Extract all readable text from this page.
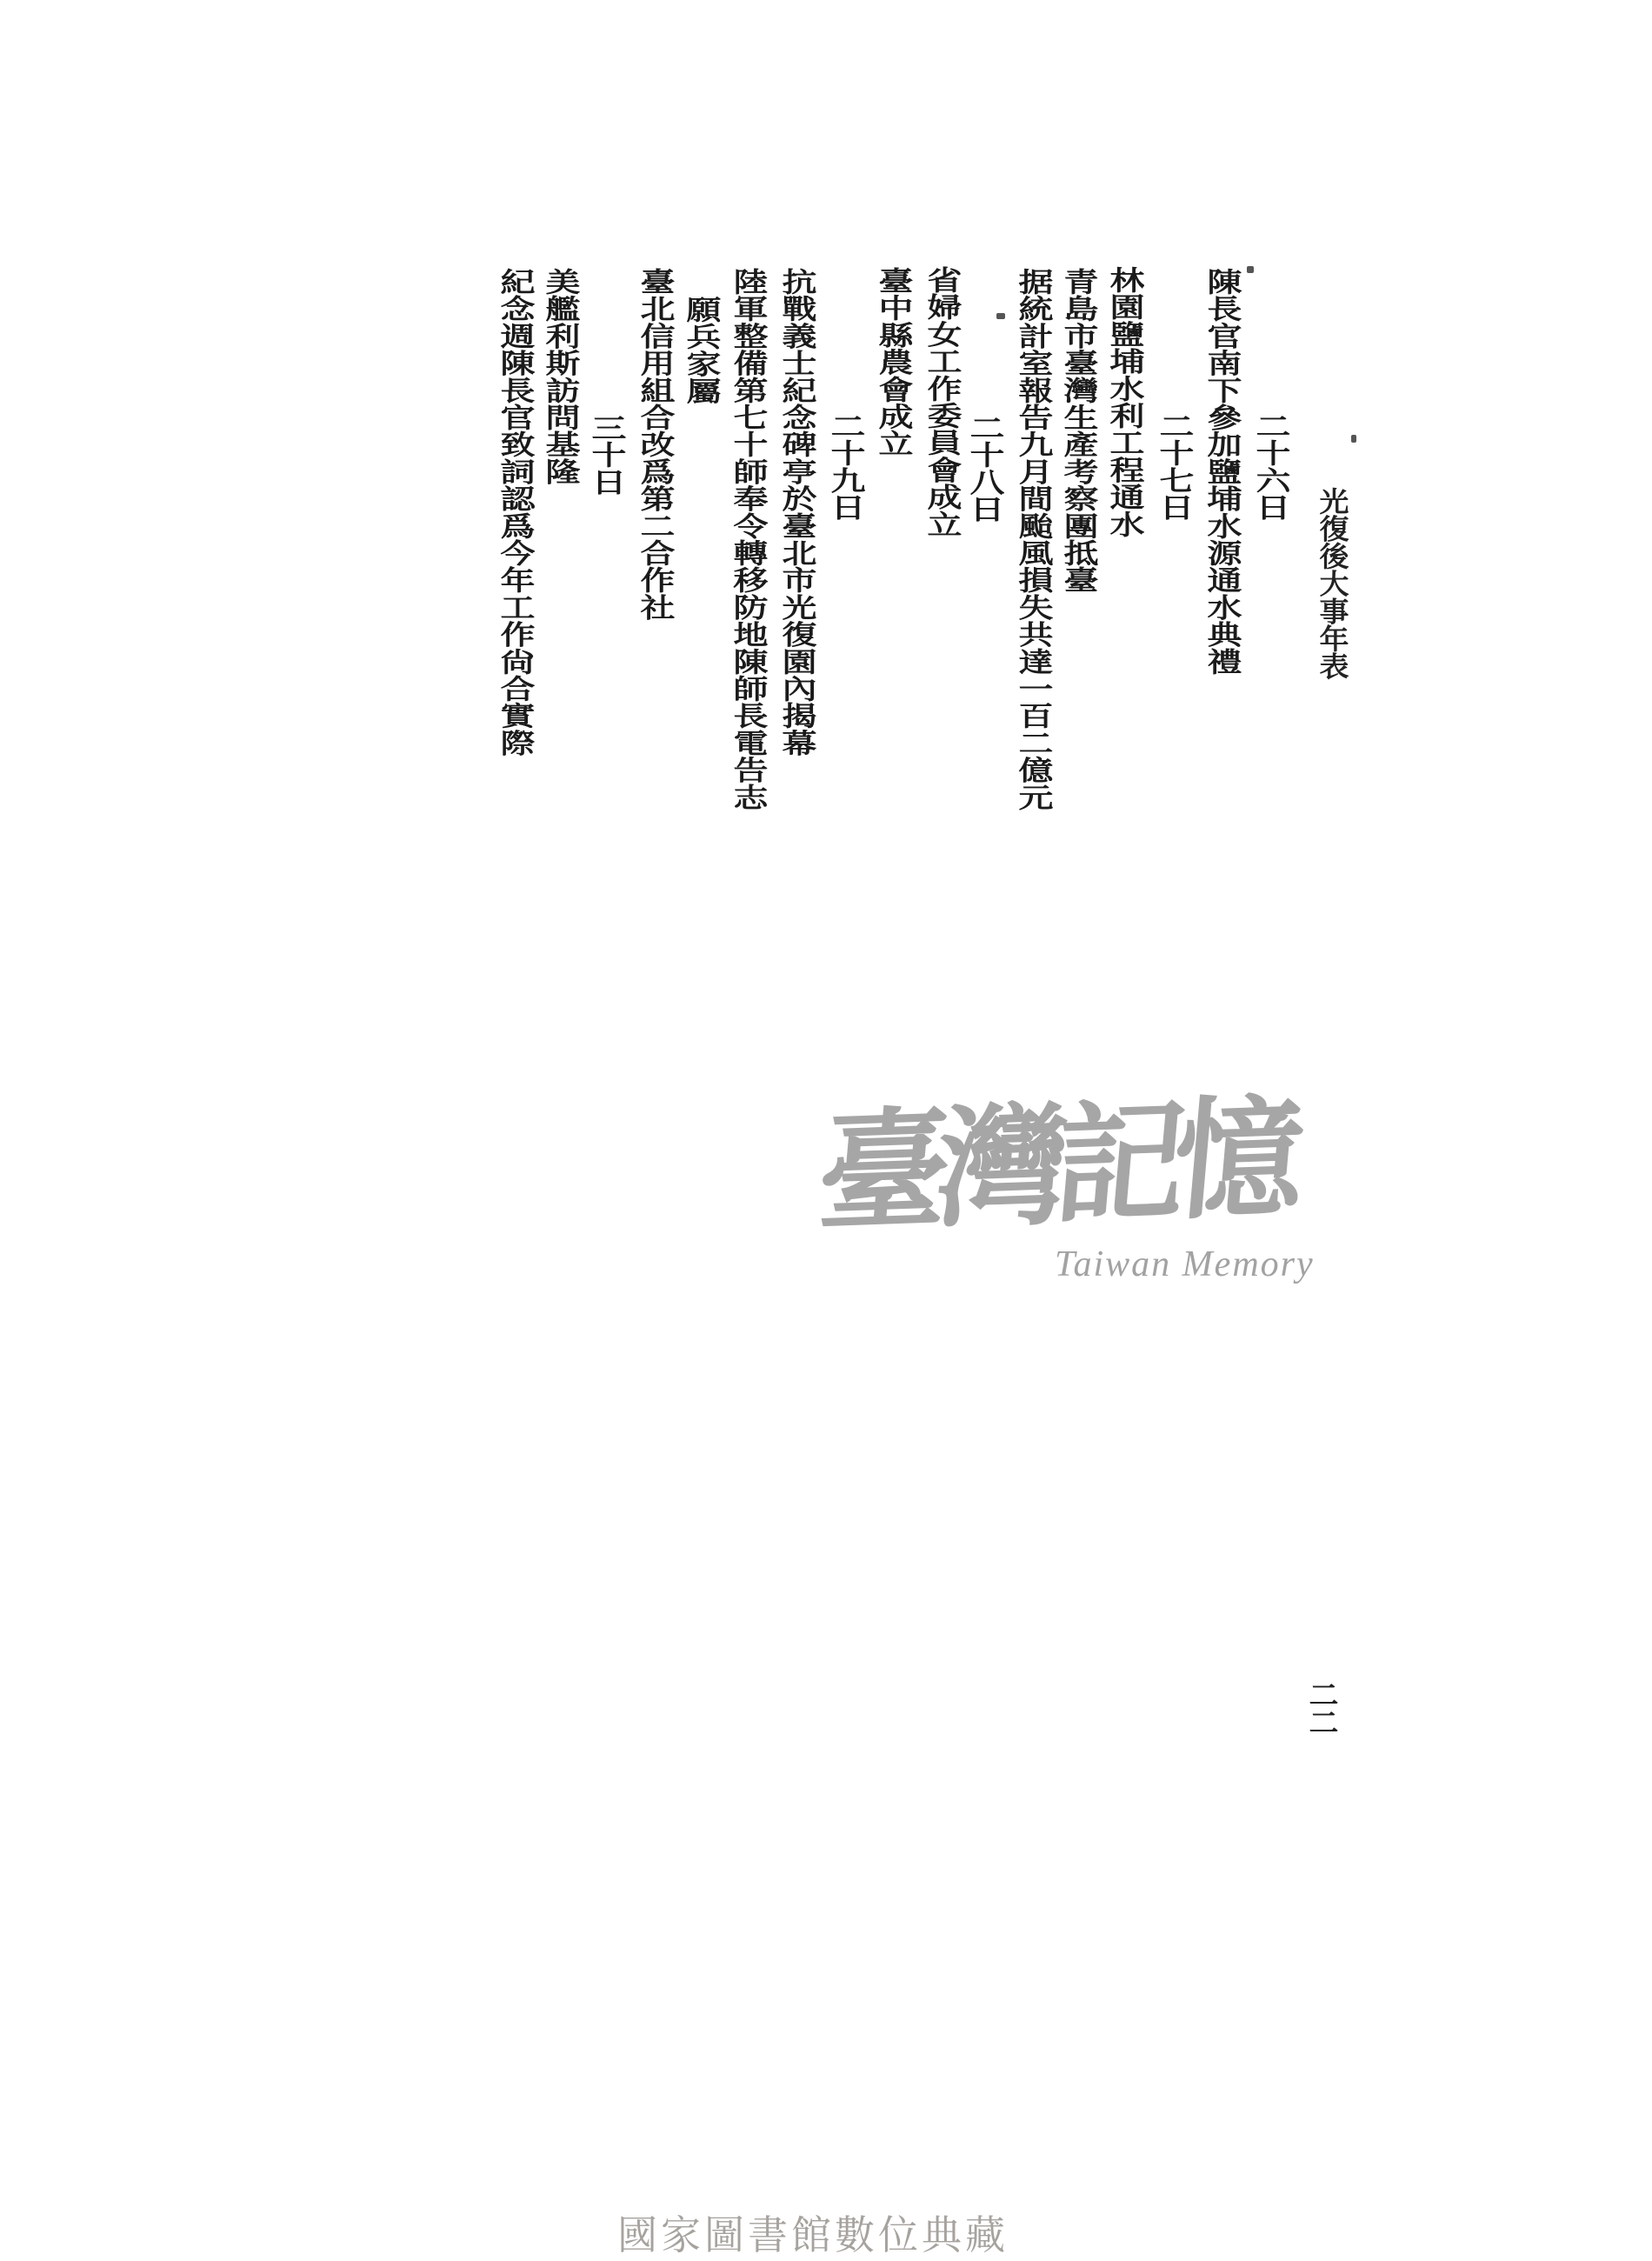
光復後大事年表
二十六日
陳長官南下參加鹽埔水源通水典禮
二十七日
林園鹽埔水利工程通水
青島市臺灣生產考察團抵臺
据統計室報告九月間颱風損失共達一百二億元
二十八日
省婦女工作委員會成立
臺中縣農會成立
二十九日
抗戰義士紀念碑亭於臺北市光復園內揭幕
陸軍整備第七十師奉令轉移防地陳師長電告志
願兵家屬
臺北信用組合改爲第二合作社
三十日
美艦利斯訪問基隆
紀念週陳長官致詞認爲今年工作尙合實際
臺灣記憶
Taiwan Memory
二二
國家圖書館數位典藏
